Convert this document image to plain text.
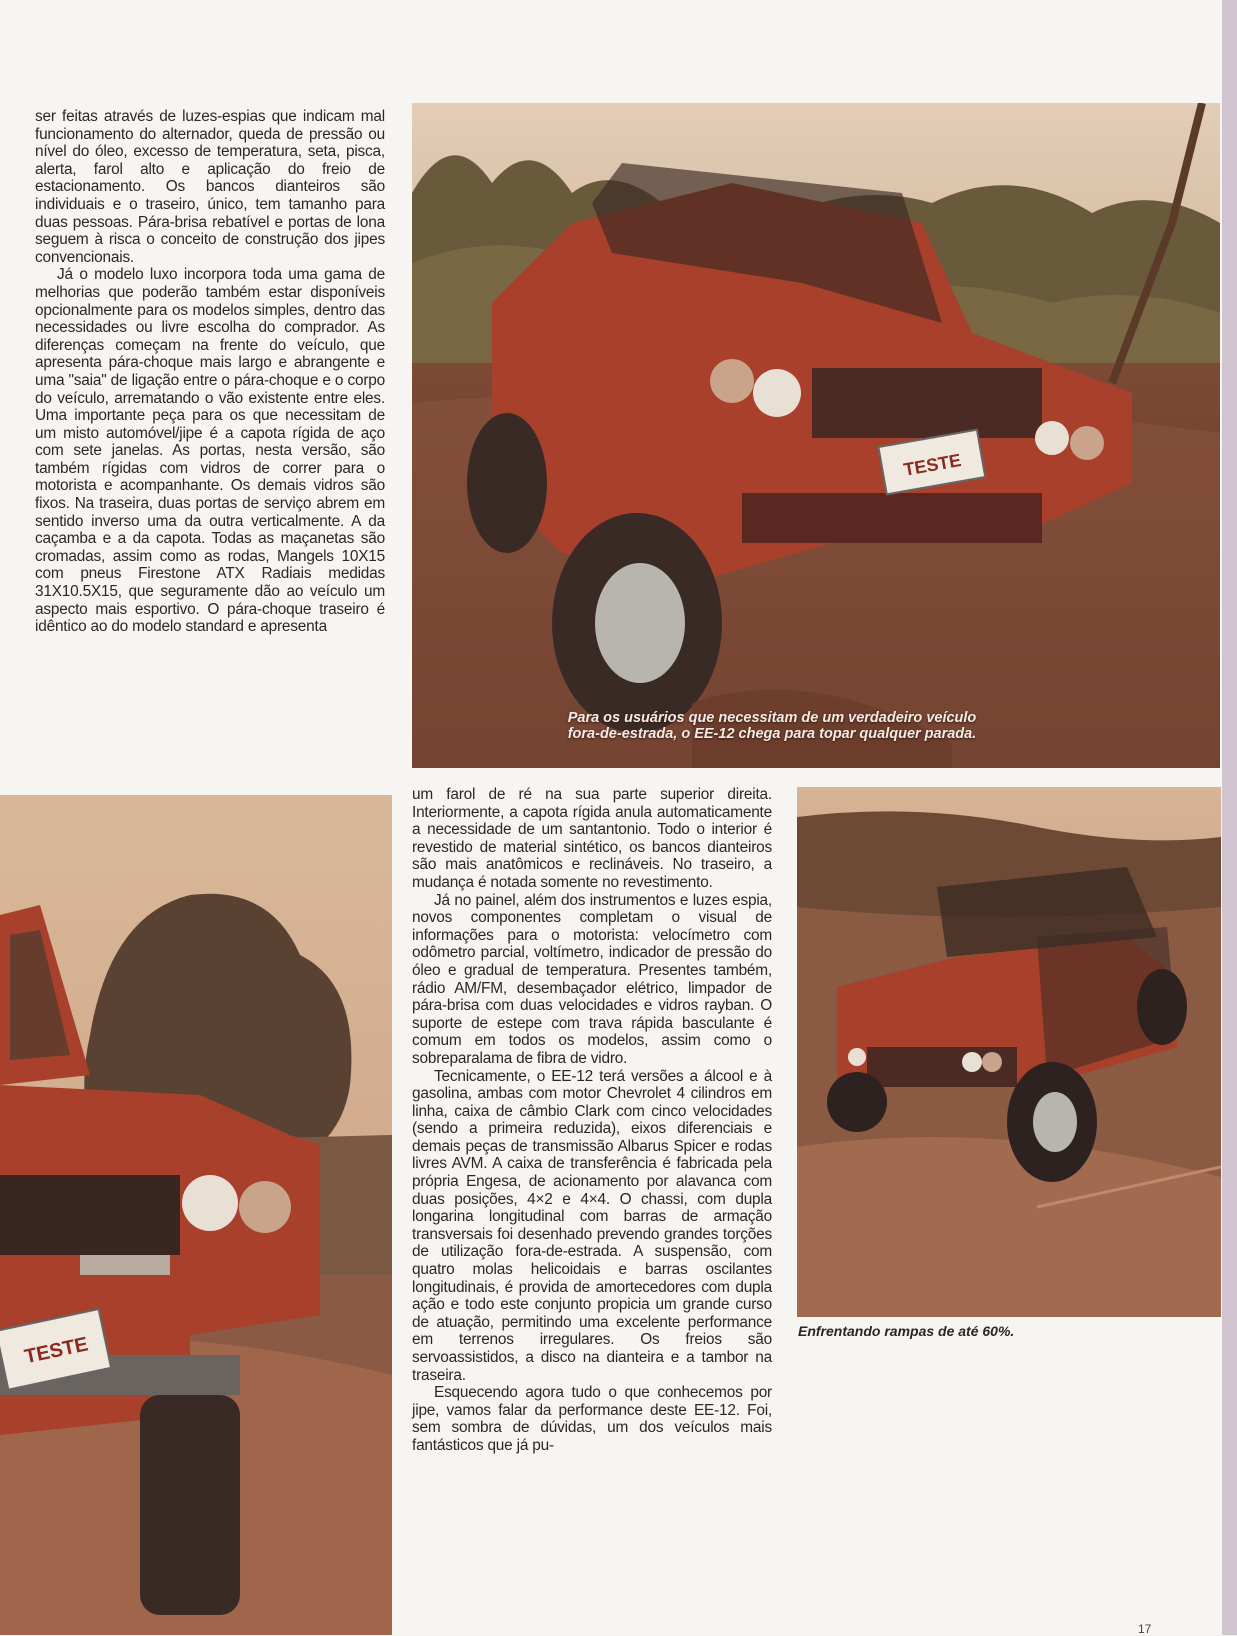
ser feitas através de luzes-espias que indicam mal funcionamento do alternador, queda de pressão ou nível do óleo, excesso de temperatura, seta, pisca, alerta, farol alto e aplicação do freio de estacionamento. Os bancos dianteiros são individuais e o traseiro, único, tem tamanho para duas pessoas. Pára-brisa rebatível e portas de lona seguem à risca o conceito de construção dos jipes convencionais.

Já o modelo luxo incorpora toda uma gama de melhorias que poderão também estar disponíveis opcionalmente para os modelos simples, dentro das necessidades ou livre escolha do comprador. As diferenças começam na frente do veículo, que apresenta pára-choque mais largo e abrangente e uma "saia" de ligação entre o pára-choque e o corpo do veículo, arrematando o vão existente entre eles. Uma importante peça para os que necessitam de um misto automóvel/jipe é a capota rígida de aço com sete janelas. As portas, nesta versão, são também rígidas com vidros de correr para o motorista e acompanhante. Os demais vidros são fixos. Na traseira, duas portas de serviço abrem em sentido inverso uma da outra verticalmente. A da caçamba e a da capota. Todas as maçanetas são cromadas, assim como as rodas, Mangels 10X15 com pneus Firestone ATX Radiais medidas 31X10.5X15, que seguramente dão ao veículo um aspecto mais esportivo. O pára-choque traseiro é idêntico ao do modelo standard e apresenta

TESTE
Para os usuários que necessitam de um verdadeiro veículo fora-de-estrada, o EE-12 chega para topar qualquer parada.
TESTE

um farol de ré na sua parte superior direita. Interiormente, a capota rígida anula automaticamente a necessidade de um santantonio. Todo o interior é revestido de material sintético, os bancos dianteiros são mais anatômicos e reclináveis. No traseiro, a mudança é notada somente no revestimento.

Já no painel, além dos instrumentos e luzes espia, novos componentes completam o visual de informações para o motorista: velocímetro com odômetro parcial, voltímetro, indicador de pressão do óleo e gradual de temperatura. Presentes também, rádio AM/FM, desembaçador elétrico, limpador de pára-brisa com duas velocidades e vidros rayban. O suporte de estepe com trava rápida basculante é comum em todos os modelos, assim como o sobreparalama de fibra de vidro.

Tecnicamente, o EE-12 terá versões a álcool e à gasolina, ambas com motor Chevrolet 4 cilindros em linha, caixa de câmbio Clark com cinco velocidades (sendo a primeira reduzida), eixos diferenciais e demais peças de transmissão Albarus Spicer e rodas livres AVM. A caixa de transferência é fabricada pela própria Engesa, de acionamento por alavanca com duas posições, 4×2 e 4×4. O chassi, com dupla longarina longitudinal com barras de armação transversais foi desenhado prevendo grandes torções de utilização fora-de-estrada. A suspensão, com quatro molas helicoidais e barras oscilantes longitudinais, é provida de amortecedores com dupla ação e todo este conjunto propicia um grande curso de atuação, permitindo uma excelente performance em terrenos irregulares. Os freios são servoassistidos, a disco na dianteira e a tambor na traseira.

Esquecendo agora tudo o que conhecemos por jipe, vamos falar da performance deste EE-12. Foi, sem sombra de dúvidas, um dos veículos mais fantásticos que já pu-

Enfrentando rampas de até 60%.
17
